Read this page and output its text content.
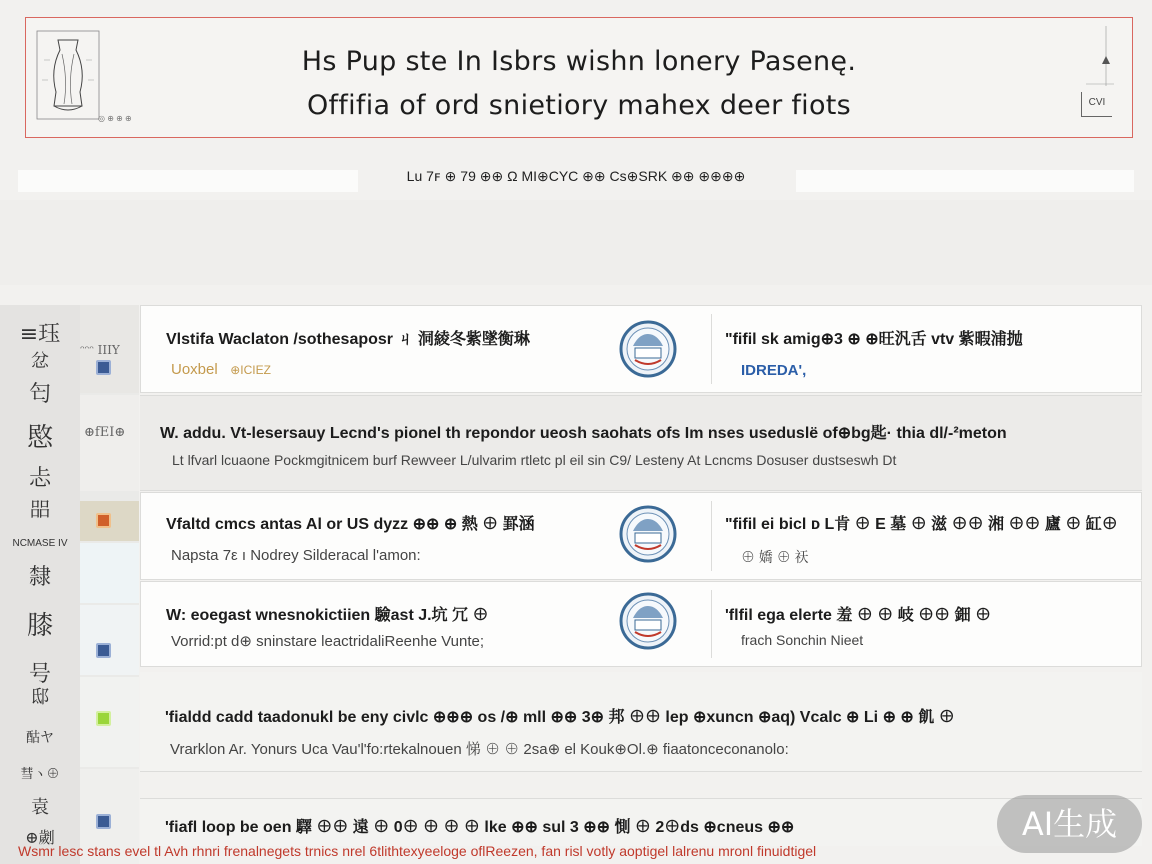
◎ ⊕ ⊕ ⊕
Hs Pup ste In Isbrs wishn lonery Pasenę.
Offifia of ord snietiory mahex deer fiots	CVI
Lu 7ꜰ ⊕ 79 ⊕⊕ Ω MI⊕CYC ⊕⊕ Cs⊕SRK ⊕⊕ ⊕⊕⊕⊕
≡珏
忿
匄
愍
忐
㗊
NCMASE IV
隸
膝
号
邸
酤ヤ
彗ヽ⊕
袁
⊕劌
ᵔᵔᵔ IIIY
⊕fEI⊕
Vlstifa Waclaton /sothesaposr ㄐ 洞綾冬紫墜衡琳
Uoxbel ⊕ICIEZ
"fifil sk amig⊕3 ⊕ ⊕旺汎舌 vtv 紫暇浦抛
IDREDA',
W. addu. Vt-lesersauy Lecnd's pionel th repondor ueosh saohats ofs Im nses useduslë of⊕bg匙· thia dl/-²meton
Lt lfvarl lcuaone Pockmgitnicem burf Rewveer L/ulvarim rtletc pl eil sin C9/ Lesteny At Lcncms Dosuser dustseswh Dt
Vfaltd cmcs antas Al or US dyzz ⊕⊕ ⊕ 熱 ⊕ 罫涵
Napsta 7ε ı Nodrey Silderacal l'amon:
"fifil ei bicl ᴅ L肯 ⊕ E 墓 ⊕ 滋 ⊕⊕ 湘 ⊕⊕ 廬 ⊕ 缸⊕
⊕ 嬌 ⊕ 祆
W: eoegast wnesnokictiien 驗ast J.坑 冗 ⊕
Vorrid:pt d⊕ sninstare leactridaliReenhe Vunte;
'flfil ega elerte 羞 ⊕ ⊕ 岐 ⊕⊕ 鈿 ⊕
frach Sonchin Nieet
'fialdd cadd taadonukl be eny civlc ⊕⊕⊕ os /⊕ mll ⊕⊕ 3⊕ 邦 ⊕⊕ lep ⊕xuncn ⊕aq) Vcalc ⊕ Li ⊕ ⊕ 飢 ⊕
Vrarklon Ar. Yonurs Uca Vau'l'fo:rtekalnouen 悌 ⊕ ⊕ 2sa⊕ el Kouk⊕Ol.⊕ fiaatonceconanolo:
'fiafl loop be oen 驛 ⊕⊕ 遠 ⊕ 0⊕ ⊕ ⊕ ⊕ lke ⊕⊕ sul 3 ⊕⊕ 惻 ⊕ 2⊕ds ⊕cneus ⊕⊕
Wsmr lesc stans evel tl Avh rhnri frenalnegets trnics nrel 6tlithtexyeeloge oflReezen, fan risl votly aoptigel lalrenu mronl finuidtigel
AI生成
